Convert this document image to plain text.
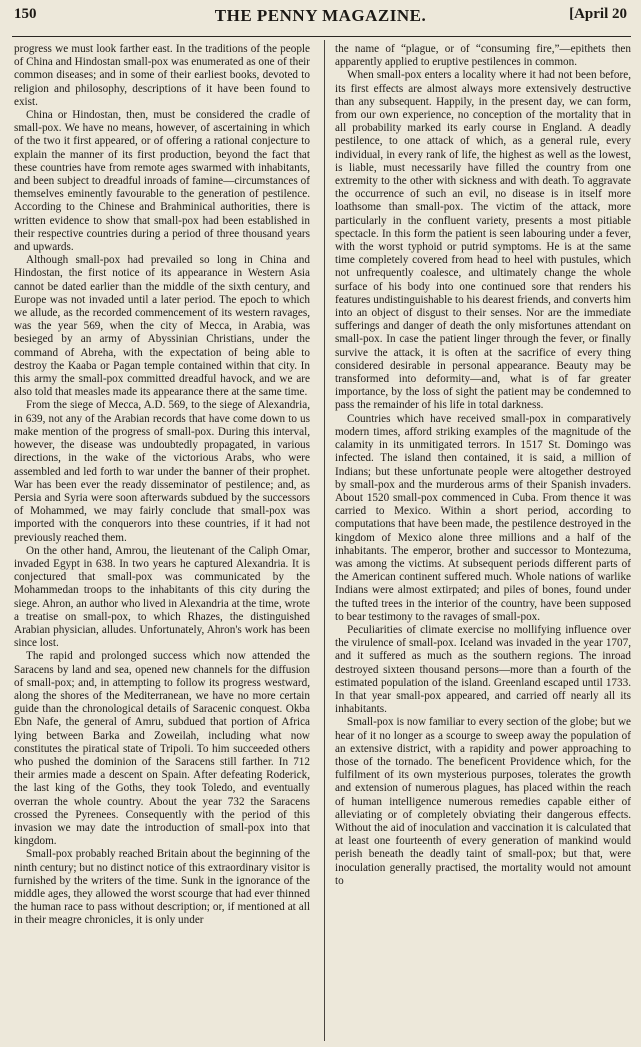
150	THE PENNY MAGAZINE.	[April 20

progress we must look farther east. In the traditions of the people of China and Hindostan small-pox was enumerated as one of their common diseases; and in some of their earliest books, devoted to religion and philosophy, descriptions of it have been found to exist.

China or Hindostan, then, must be considered the cradle of small-pox. We have no means, however, of ascertaining in which of the two it first appeared, or of offering a rational conjecture to explain the manner of its first production, beyond the fact that these countries have from remote ages swarmed with inhabitants, and been subject to dreadful inroads of famine—circumstances of themselves eminently favourable to the generation of pestilence. According to the Chinese and Brahminical authorities, there is written evidence to show that small-pox had been established in their respective countries during a period of three thousand years and upwards.

Although small-pox had prevailed so long in China and Hindostan, the first notice of its appearance in Western Asia cannot be dated earlier than the middle of the sixth century, and Europe was not invaded until a later period. The epoch to which we allude, as the recorded commencement of its western ravages, was the year 569, when the city of Mecca, in Arabia, was besieged by an army of Abyssinian Christians, under the command of Abreha, with the expectation of being able to destroy the Kaaba or Pagan temple contained within that city. In this army the small-pox committed dreadful havock, and we are also told that measles made its appearance there at the same time.

From the siege of Mecca, A.D. 569, to the siege of Alexandria, in 639, not any of the Arabian records that have come down to us make mention of the progress of small-pox. During this interval, however, the disease was undoubtedly propagated, in various directions, in the wake of the victorious Arabs, who were assembled and led forth to war under the banner of their prophet. War has been ever the ready disseminator of pestilence; and, as Persia and Syria were soon afterwards subdued by the successors of Mohammed, we may fairly conclude that small-pox was imported with the conquerors into these countries, if it had not previously reached them.

On the other hand, Amrou, the lieutenant of the Caliph Omar, invaded Egypt in 638. In two years he captured Alexandria. It is conjectured that small-pox was communicated by the Mohammedan troops to the inhabitants of this city during the siege. Ahron, an author who lived in Alexandria at the time, wrote a treatise on small-pox, to which Rhazes, the distinguished Arabian physician, alludes. Unfortunately, Ahron's work has been since lost.

The rapid and prolonged success which now attended the Saracens by land and sea, opened new channels for the diffusion of small-pox; and, in attempting to follow its progress westward, along the shores of the Mediterranean, we have no more certain guide than the chronological details of Saracenic conquest. Okba Ebn Nafe, the general of Amru, subdued that portion of Africa lying between Barka and Zoweilah, including what now constitutes the piratical state of Tripoli. To him succeeded others who pushed the dominion of the Saracens still farther. In 712 their armies made a descent on Spain. After defeating Roderick, the last king of the Goths, they took Toledo, and eventually overran the whole country. About the year 732 the Saracens crossed the Pyrenees. Consequently with the period of this invasion we may date the introduction of small-pox into that kingdom.

Small-pox probably reached Britain about the beginning of the ninth century; but no distinct notice of this extraordinary visitor is furnished by the writers of the time. Sunk in the ignorance of the middle ages, they allowed the worst scourge that had ever thinned the human race to pass without description; or, if mentioned at all in their meagre chronicles, it is only under

the name of “plague, or of “consuming fire,”—epithets then apparently applied to eruptive pestilences in common.

When small-pox enters a locality where it had not been before, its first effects are almost always more extensively destructive than any subsequent. Happily, in the present day, we can form, from our own experience, no conception of the mortality that in all probability marked its early course in England. A deadly pestilence, to one attack of which, as a general rule, every individual, in every rank of life, the highest as well as the lowest, is liable, must necessarily have filled the country from one extremity to the other with sickness and with death. To aggravate the occurrence of such an evil, no disease is in itself more loathsome than small-pox. The victim of the attack, more particularly in the confluent variety, presents a most pitiable spectacle. In this form the patient is seen labouring under a fever, with the worst typhoid or putrid symptoms. He is at the same time completely covered from head to heel with pustules, which not unfrequently coalesce, and ultimately change the whole surface of his body into one continued sore that renders his features undistinguishable to his dearest friends, and converts him into an object of disgust to their senses. Nor are the immediate sufferings and danger of death the only misfortunes attendant on small-pox. In case the patient linger through the fever, or finally survive the attack, it is often at the sacrifice of every thing considered desirable in personal appearance. Beauty may be transformed into deformity—and, what is of far greater importance, by the loss of sight the patient may be condemned to pass the remainder of his life in total darkness.

Countries which have received small-pox in comparatively modern times, afford striking examples of the magnitude of the calamity in its unmitigated terrors. In 1517 St. Domingo was infected. The island then contained, it is said, a million of Indians; but these unfortunate people were altogether destroyed by small-pox and the murderous arms of their Spanish invaders. About 1520 small-pox commenced in Cuba. From thence it was carried to Mexico. Within a short period, according to computations that have been made, the pestilence destroyed in the kingdom of Mexico alone three millions and a half of the inhabitants. The emperor, brother and successor to Montezuma, was among the victims. At subsequent periods different parts of the American continent suffered much. Whole nations of warlike Indians were almost extirpated; and piles of bones, found under the tufted trees in the interior of the country, have been supposed to bear testimony to the ravages of small-pox.

Peculiarities of climate exercise no mollifying influence over the virulence of small-pox. Iceland was invaded in the year 1707, and it suffered as much as the southern regions. The inroad destroyed sixteen thousand persons—more than a fourth of the estimated population of the island. Greenland escaped until 1733. In that year small-pox appeared, and carried off nearly all its inhabitants.

Small-pox is now familiar to every section of the globe; but we hear of it no longer as a scourge to sweep away the population of an extensive district, with a rapidity and power approaching to those of the tornado. The beneficent Providence which, for the fulfilment of its own mysterious purposes, tolerates the growth and extension of numerous plagues, has placed within the reach of human intelligence numerous remedies capable either of alleviating or of completely obviating their dangerous effects. Without the aid of inoculation and vaccination it is calculated that at least one fourteenth of every generation of mankind would perish beneath the deadly taint of small-pox; but that, were inoculation generally practised, the mortality would not amount to
